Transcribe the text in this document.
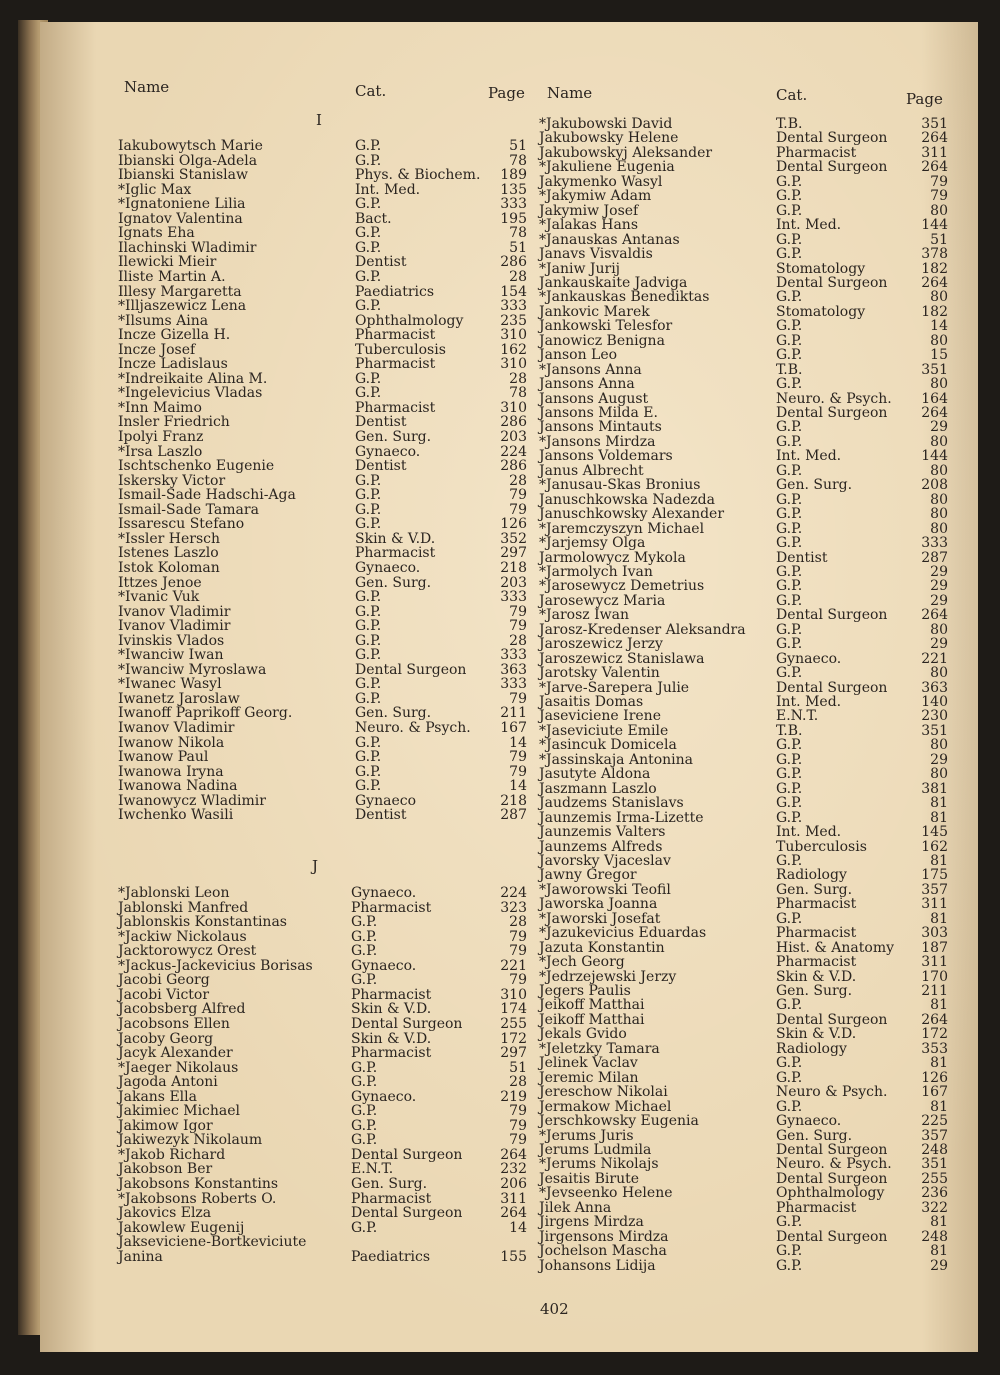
Name	Cat.	Page Name	Cat.	Page
I
J
Iakubowytsch Marie	G.P.	51
Ibianski Olga-Adela	G.P.	78
Ibianski Stanislaw	Phys. & Biochem.	189
*Iglic Max	Int. Med.	135
*Ignatoniene Lilia	G.P.	333
Ignatov Valentina	Bact.	195
Ignats Eha	G.P.	78
Ilachinski Wladimir	G.P.	51
Ilewicki Mieir	Dentist	286
Iliste Martin A.	G.P.	28
Illesy Margaretta	Paediatrics	154
*Illjaszewicz Lena	G.P.	333
*Ilsums Aina	Ophthalmology	235
Incze Gizella H.	Pharmacist	310
Incze Josef	Tuberculosis	162
Incze Ladislaus	Pharmacist	310
*Indreikaite Alina M.	G.P.	28
*Ingelevicius Vladas	G.P.	78
*Inn Maimo	Pharmacist	310
Insler Friedrich	Dentist	286
Ipolyi Franz	Gen. Surg.	203
*Irsa Laszlo	Gynaeco.	224
Ischtschenko Eugenie	Dentist	286
Iskersky Victor	G.P.	28
Ismail-Sade Hadschi-Aga	G.P.	79
Ismail-Sade Tamara	G.P.	79
Issarescu Stefano	G.P.	126
*Issler Hersch	Skin & V.D.	352
Istenes Laszlo	Pharmacist	297
Istok Koloman	Gynaeco.	218
Ittzes Jenoe	Gen. Surg.	203
*Ivanic Vuk	G.P.	333
Ivanov Vladimir	G.P.	79
Ivanov Vladimir	G.P.	79
Ivinskis Vlados	G.P.	28
*Iwanciw Iwan	G.P.	333
*Iwanciw Myroslawa	Dental Surgeon	363
*Iwanec Wasyl	G.P.	333
Iwanetz Jaroslaw	G.P.	79
Iwanoff Paprikoff Georg.	Gen. Surg.	211
Iwanov Vladimir	Neuro. & Psych.	167
Iwanow Nikola	G.P.	14
Iwanow Paul	G.P.	79
Iwanowa Iryna	G.P.	79
Iwanowa Nadina	G.P.	14
Iwanowycz Wladimir	Gynaeco	218
Iwchenko Wasili	Dentist	287
*Jablonski Leon	Gynaeco.	224
Jablonski Manfred	Pharmacist	323
Jablonskis Konstantinas	G.P.	28
*Jackiw Nickolaus	G.P.	79
Jacktorowycz Orest	G.P.	79
*Jackus-Jackevicius Borisas	Gynaeco.	221
Jacobi Georg	G.P.	79
Jacobi Victor	Pharmacist	310
Jacobsberg Alfred	Skin & V.D.	174
Jacobsons Ellen	Dental Surgeon	255
Jacoby Georg	Skin & V.D.	172
Jacyk Alexander	Pharmacist	297
*Jaeger Nikolaus	G.P.	51
Jagoda Antoni	G.P.	28
Jakans Ella	Gynaeco.	219
Jakimiec Michael	G.P.	79
Jakimow Igor	G.P.	79
Jakiwezyk Nikolaum	G.P.	79
*Jakob Richard	Dental Surgeon	264
Jakobson Ber	E.N.T.	232
Jakobsons Konstantins	Gen. Surg.	206
*Jakobsons Roberts O.	Pharmacist	311
Jakovics Elza	Dental Surgeon	264
Jakowlew Eugenij	G.P.	14
Jakseviciene-Bortkeviciute
Janina	Paediatrics	155
*Jakubowski David	T.B.	351
Jakubowsky Helene	Dental Surgeon	264
Jakubowskyj Aleksander	Pharmacist	311
*Jakuliene Eugenia	Dental Surgeon	264
Jakymenko Wasyl	G.P.	79
*Jakymiw Adam	G.P.	79
Jakymiw Josef	G.P.	80
*Jalakas Hans	Int. Med.	144
*Janauskas Antanas	G.P.	51
Janavs Visvaldis	G.P.	378
*Janiw Jurij	Stomatology	182
Jankauskaite Jadviga	Dental Surgeon	264
*Jankauskas Benediktas	G.P.	80
Jankovic Marek	Stomatology	182
Jankowski Telesfor	G.P.	14
Janowicz Benigna	G.P.	80
Janson Leo	G.P.	15
*Jansons Anna	T.B.	351
Jansons Anna	G.P.	80
Jansons August	Neuro. & Psych.	164
Jansons Milda E.	Dental Surgeon	264
Jansons Mintauts	G.P.	29
*Jansons Mirdza	G.P.	80
Jansons Voldemars	Int. Med.	144
Janus Albrecht	G.P.	80
*Janusau-Skas Bronius	Gen. Surg.	208
Januschkowska Nadezda	G.P.	80
Januschkowsky Alexander	G.P.	80
*Jaremczyszyn Michael	G.P.	80
*Jarjemsy Olga	G.P.	333
Jarmolowycz Mykola	Dentist	287
*Jarmolych Ivan	G.P.	29
*Jarosewycz Demetrius	G.P.	29
Jarosewycz Maria	G.P.	29
*Jarosz Iwan	Dental Surgeon	264
Jarosz-Kredenser Aleksandra G.P.	80
Jaroszewicz Jerzy	G.P.	29
Jaroszewicz Stanislawa	Gynaeco.	221
Jarotsky Valentin	G.P.	80
*Jarve-Sarepera Julie	Dental Surgeon	363
Jasaitis Domas	Int. Med.	140
Jaseviciene Irene	E.N.T.	230
*Jaseviciute Emile	T.B.	351
*Jasincuk Domicela	G.P.	80
*Jassinskaja Antonina	G.P.	29
Jasutyte Aldona	G.P.	80
Jaszmann Laszlo	G.P.	381
Jaudzems Stanislavs	G.P.	81
Jaunzemis Irma-Lizette	G.P.	81
Jaunzemis Valters	Int. Med.	145
Jaunzems Alfreds	Tuberculosis	162
Javorsky Vjaceslav	G.P.	81
Jawny Gregor	Radiology	175
*Jaworowski Teofil	Gen. Surg.	357
Jaworska Joanna	Pharmacist	311
*Jaworski Josefat	G.P.	81
*Jazukevicius Eduardas	Pharmacist	303
Jazuta Konstantin	Hist. & Anatomy	187
*Jech Georg	Pharmacist	311
*Jedrzejewski Jerzy	Skin & V.D.	170
Jegers Paulis	Gen. Surg.	211
Jeikoff Matthai	G.P.	81
Jeikoff Matthai	Dental Surgeon	264
Jekals Gvido	Skin & V.D.	172
*Jeletzky Tamara	Radiology	353
Jelinek Vaclav	G.P.	81
Jeremic Milan	G.P.	126
Jereschow Nikolai	Neuro & Psych.	167
Jermakow Michael	G.P.	81
Jerschkowsky Eugenia	Gynaeco.	225
*Jerums Juris	Gen. Surg.	357
Jerums Ludmila	Dental Surgeon	248
*Jerums Nikolajs	Neuro. & Psych.	351
Jesaitis Birute	Dental Surgeon	255
*Jevseenko Helene	Ophthalmology	236
Jilek Anna	Pharmacist	322
Jirgens Mirdza	G.P.	81
Jirgensons Mirdza	Dental Surgeon	248
Jochelson Mascha	G.P.	81
Johansons Lidija	G.P.	29
402
